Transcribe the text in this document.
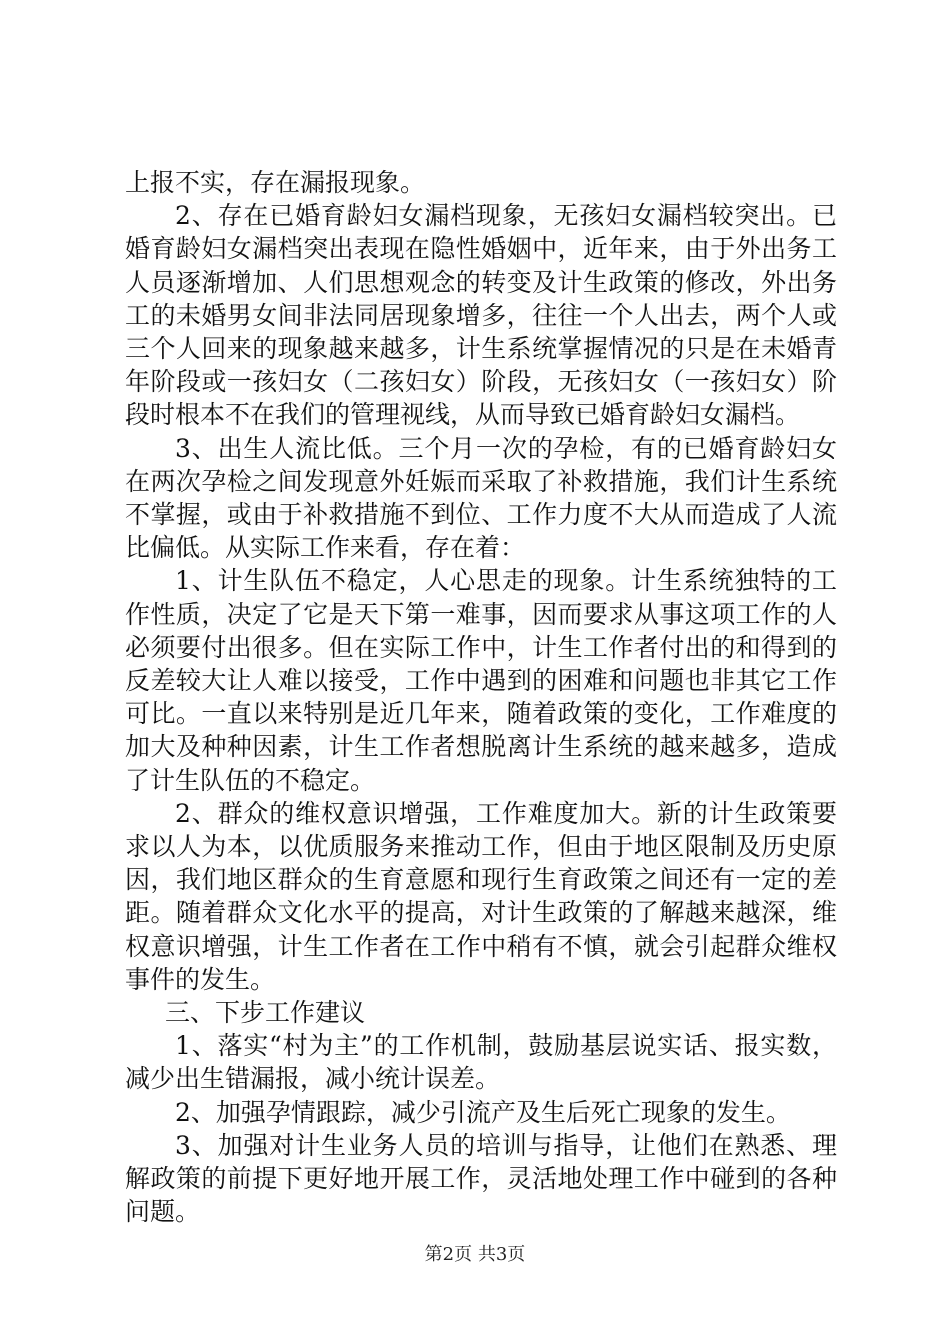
上报不实，存在漏报现象。

2、存在已婚育龄妇女漏档现象，无孩妇女漏档较突出。已婚育龄妇女漏档突出表现在隐性婚姻中，近年来，由于外出务工人员逐渐增加、人们思想观念的转变及计生政策的修改，外出务工的未婚男女间非法同居现象增多，往往一个人出去，两个人或三个人回来的现象越来越多，计生系统掌握情况的只是在未婚青年阶段或一孩妇女（二孩妇女）阶段，无孩妇女（一孩妇女）阶段时根本不在我们的管理视线，从而导致已婚育龄妇女漏档。

3、出生人流比低。三个月一次的孕检，有的已婚育龄妇女在两次孕检之间发现意外妊娠而采取了补救措施，我们计生系统不掌握，或由于补救措施不到位、工作力度不大从而造成了人流比偏低。从实际工作来看，存在着：

1、计生队伍不稳定，人心思走的现象。计生系统独特的工作性质，决定了它是天下第一难事，因而要求从事这项工作的人必须要付出很多。但在实际工作中，计生工作者付出的和得到的反差较大让人难以接受，工作中遇到的困难和问题也非其它工作可比。一直以来特别是近几年来，随着政策的变化，工作难度的加大及种种因素，计生工作者想脱离计生系统的越来越多，造成了计生队伍的不稳定。

2、群众的维权意识增强，工作难度加大。新的计生政策要求以人为本，以优质服务来推动工作，但由于地区限制及历史原因，我们地区群众的生育意愿和现行生育政策之间还有一定的差距。随着群众文化水平的提高，对计生政策的了解越来越深，维权意识增强，计生工作者在工作中稍有不慎，就会引起群众维权事件的发生。

三、下步工作建议

1、落实“村为主”的工作机制，鼓励基层说实话、报实数，减少出生错漏报，减小统计误差。

2、加强孕情跟踪，减少引流产及生后死亡现象的发生。

3、加强对计生业务人员的培训与指导，让他们在熟悉、理解政策的前提下更好地开展工作，灵活地处理工作中碰到的各种问题。

第2页 共3页
